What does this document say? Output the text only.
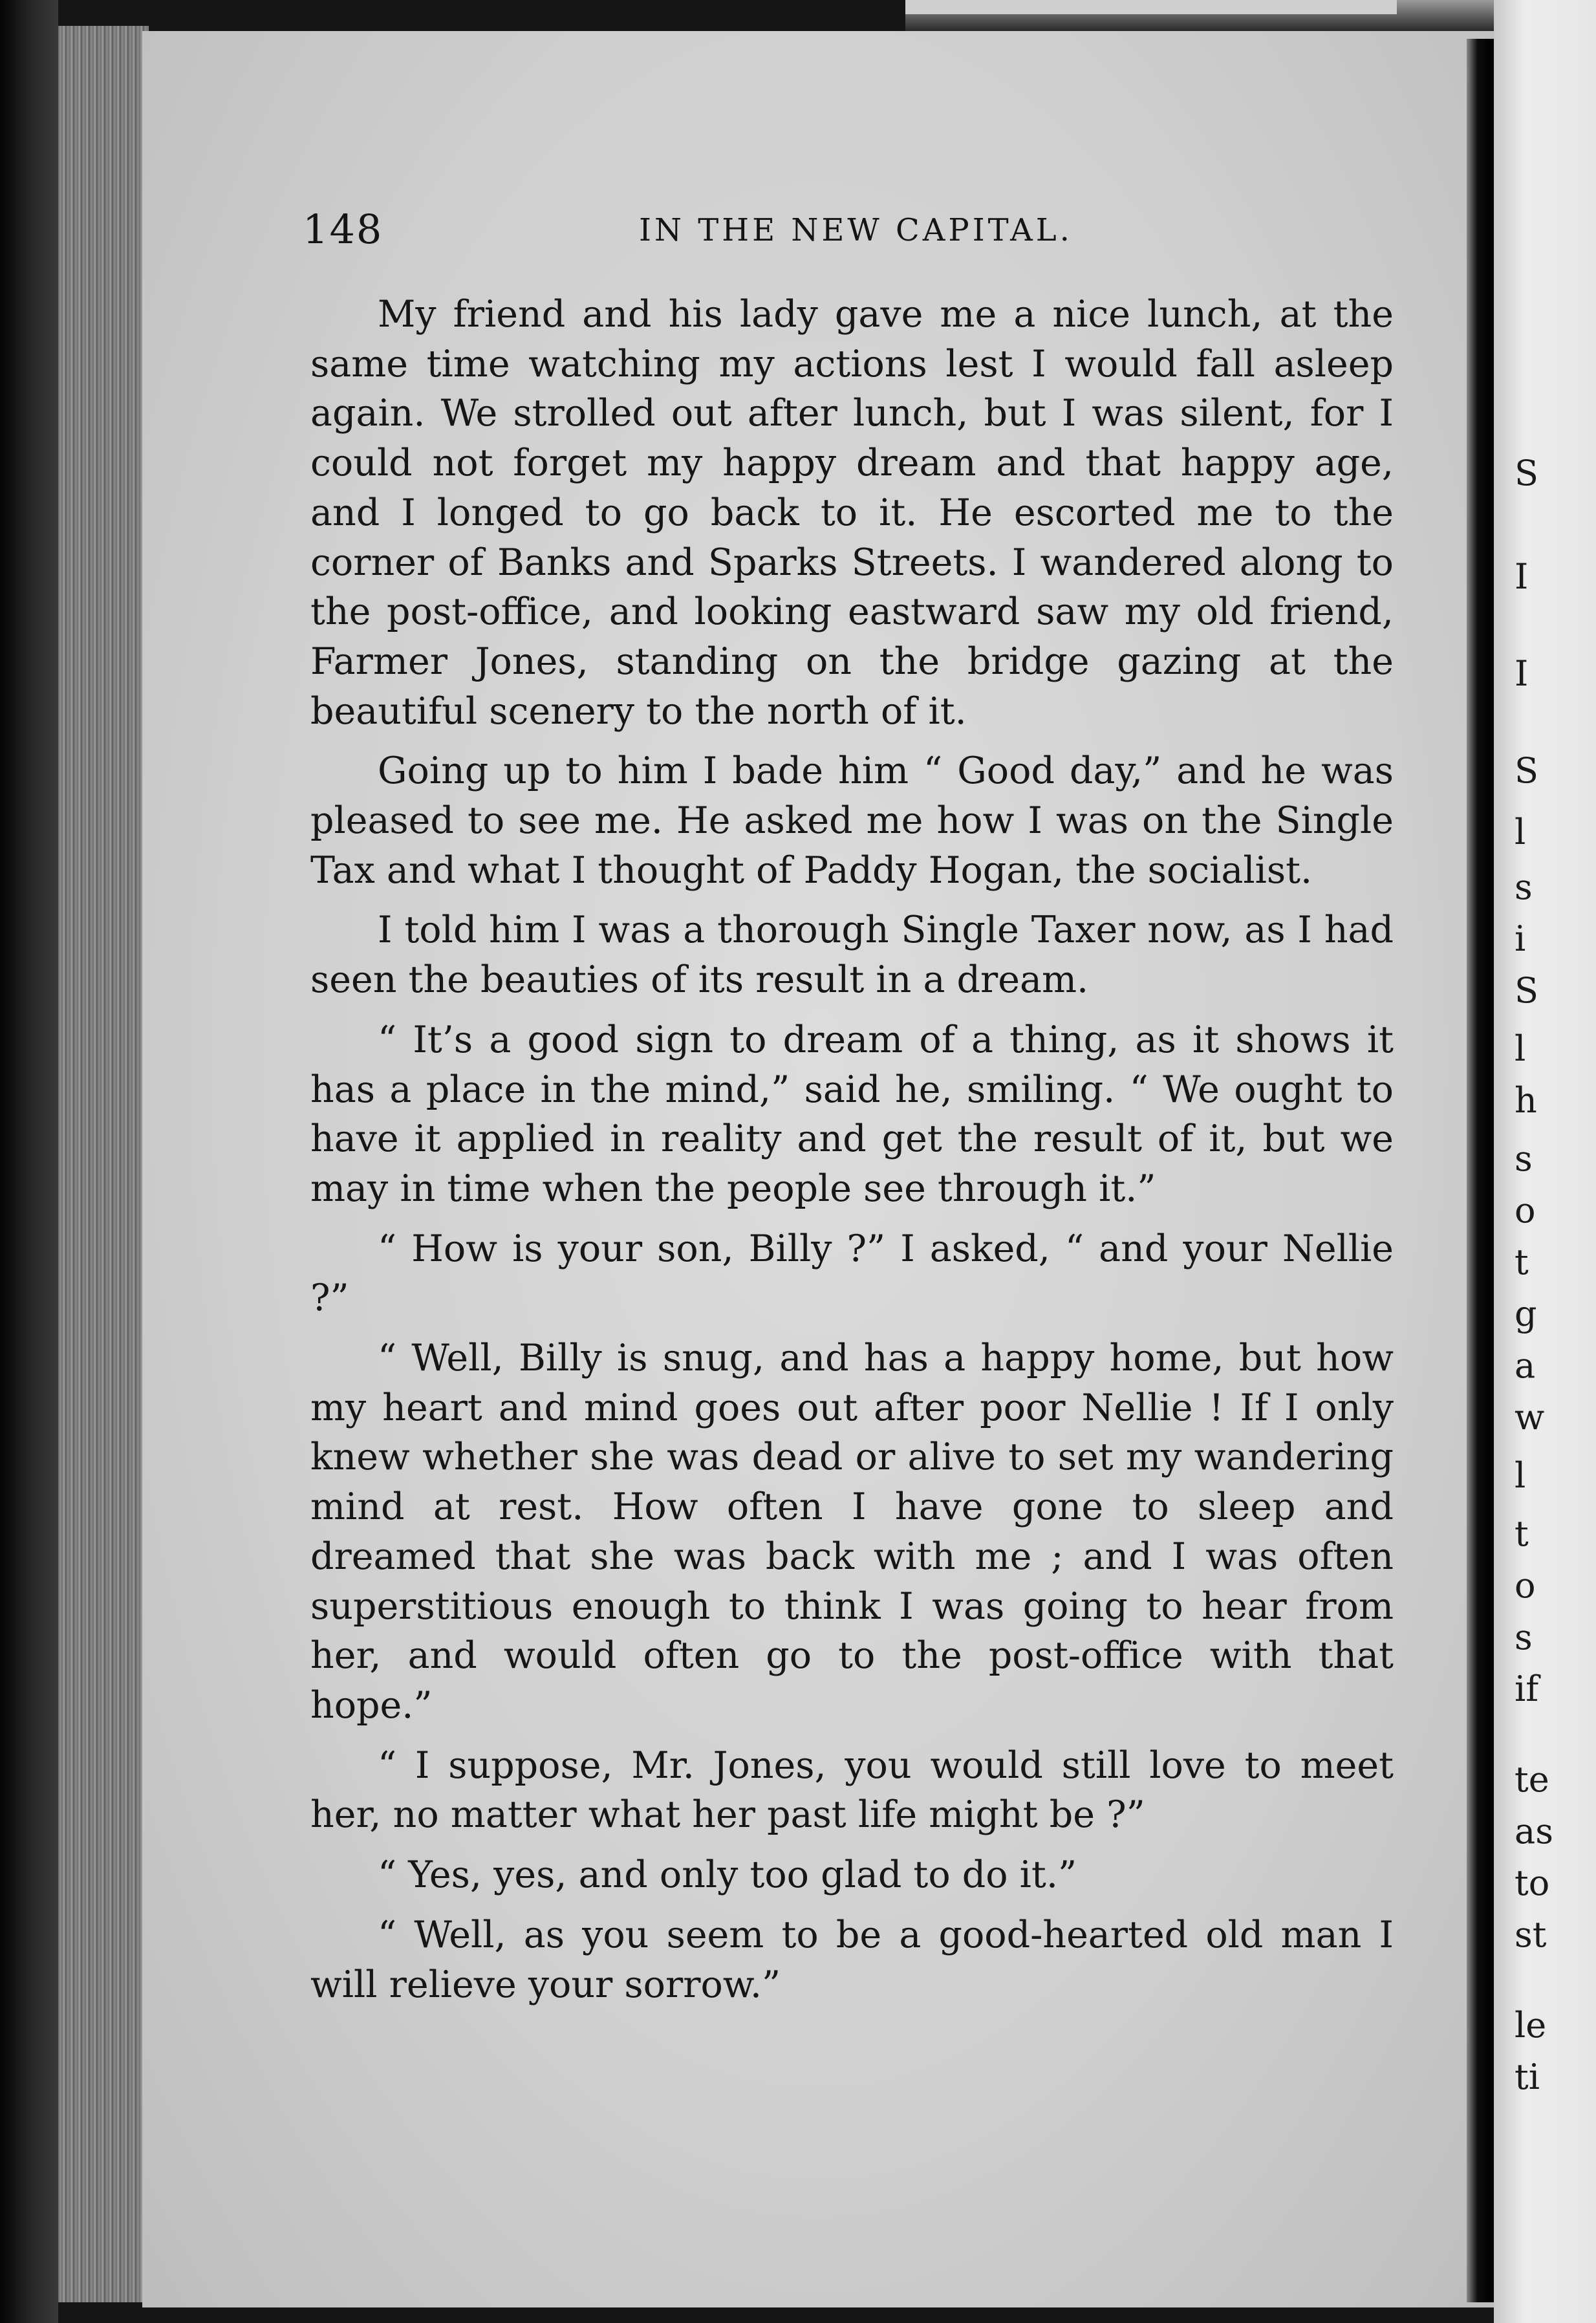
148	IN THE NEW CAPITAL.

My friend and his lady gave me a nice lunch, at the same time watching my actions lest I would fall asleep again. We strolled out after lunch, but I was silent, for I could not forget my happy dream and that happy age, and I longed to go back to it. He escorted me to the corner of Banks and Sparks Streets. I wandered along to the post-office, and looking eastward saw my old friend, Farmer Jones, standing on the bridge gazing at the beautiful scenery to the north of it.

Going up to him I bade him “ Good day,” and he was pleased to see me. He asked me how I was on the Single Tax and what I thought of Paddy Hogan, the socialist.

I told him I was a thorough Single Taxer now, as I had seen the beauties of its result in a dream.

“ It’s a good sign to dream of a thing, as it shows it has a place in the mind,” said he, smiling. “ We ought to have it applied in reality and get the result of it, but we may in time when the people see through it.”

“ How is your son, Billy ?” I asked, “ and your Nellie ?”

“ Well, Billy is snug, and has a happy home, but how my heart and mind goes out after poor Nellie ! If I only knew whether she was dead or alive to set my wandering mind at rest. How often I have gone to sleep and dreamed that she was back with me ; and I was often superstitious enough to think I was going to hear from her, and would often go to the post-office with that hope.”

“ I suppose, Mr. Jones, you would still love to meet her, no matter what her past life might be ?”

“ Yes, yes, and only too glad to do it.”

“ Well, as you seem to be a good-hearted old man I will relieve your sorrow.”

S
I
I
S
l
s
i
S
l
h
s
o
t
g
a
w
l
t
o
s
if
te
as
to
st
le
ti
